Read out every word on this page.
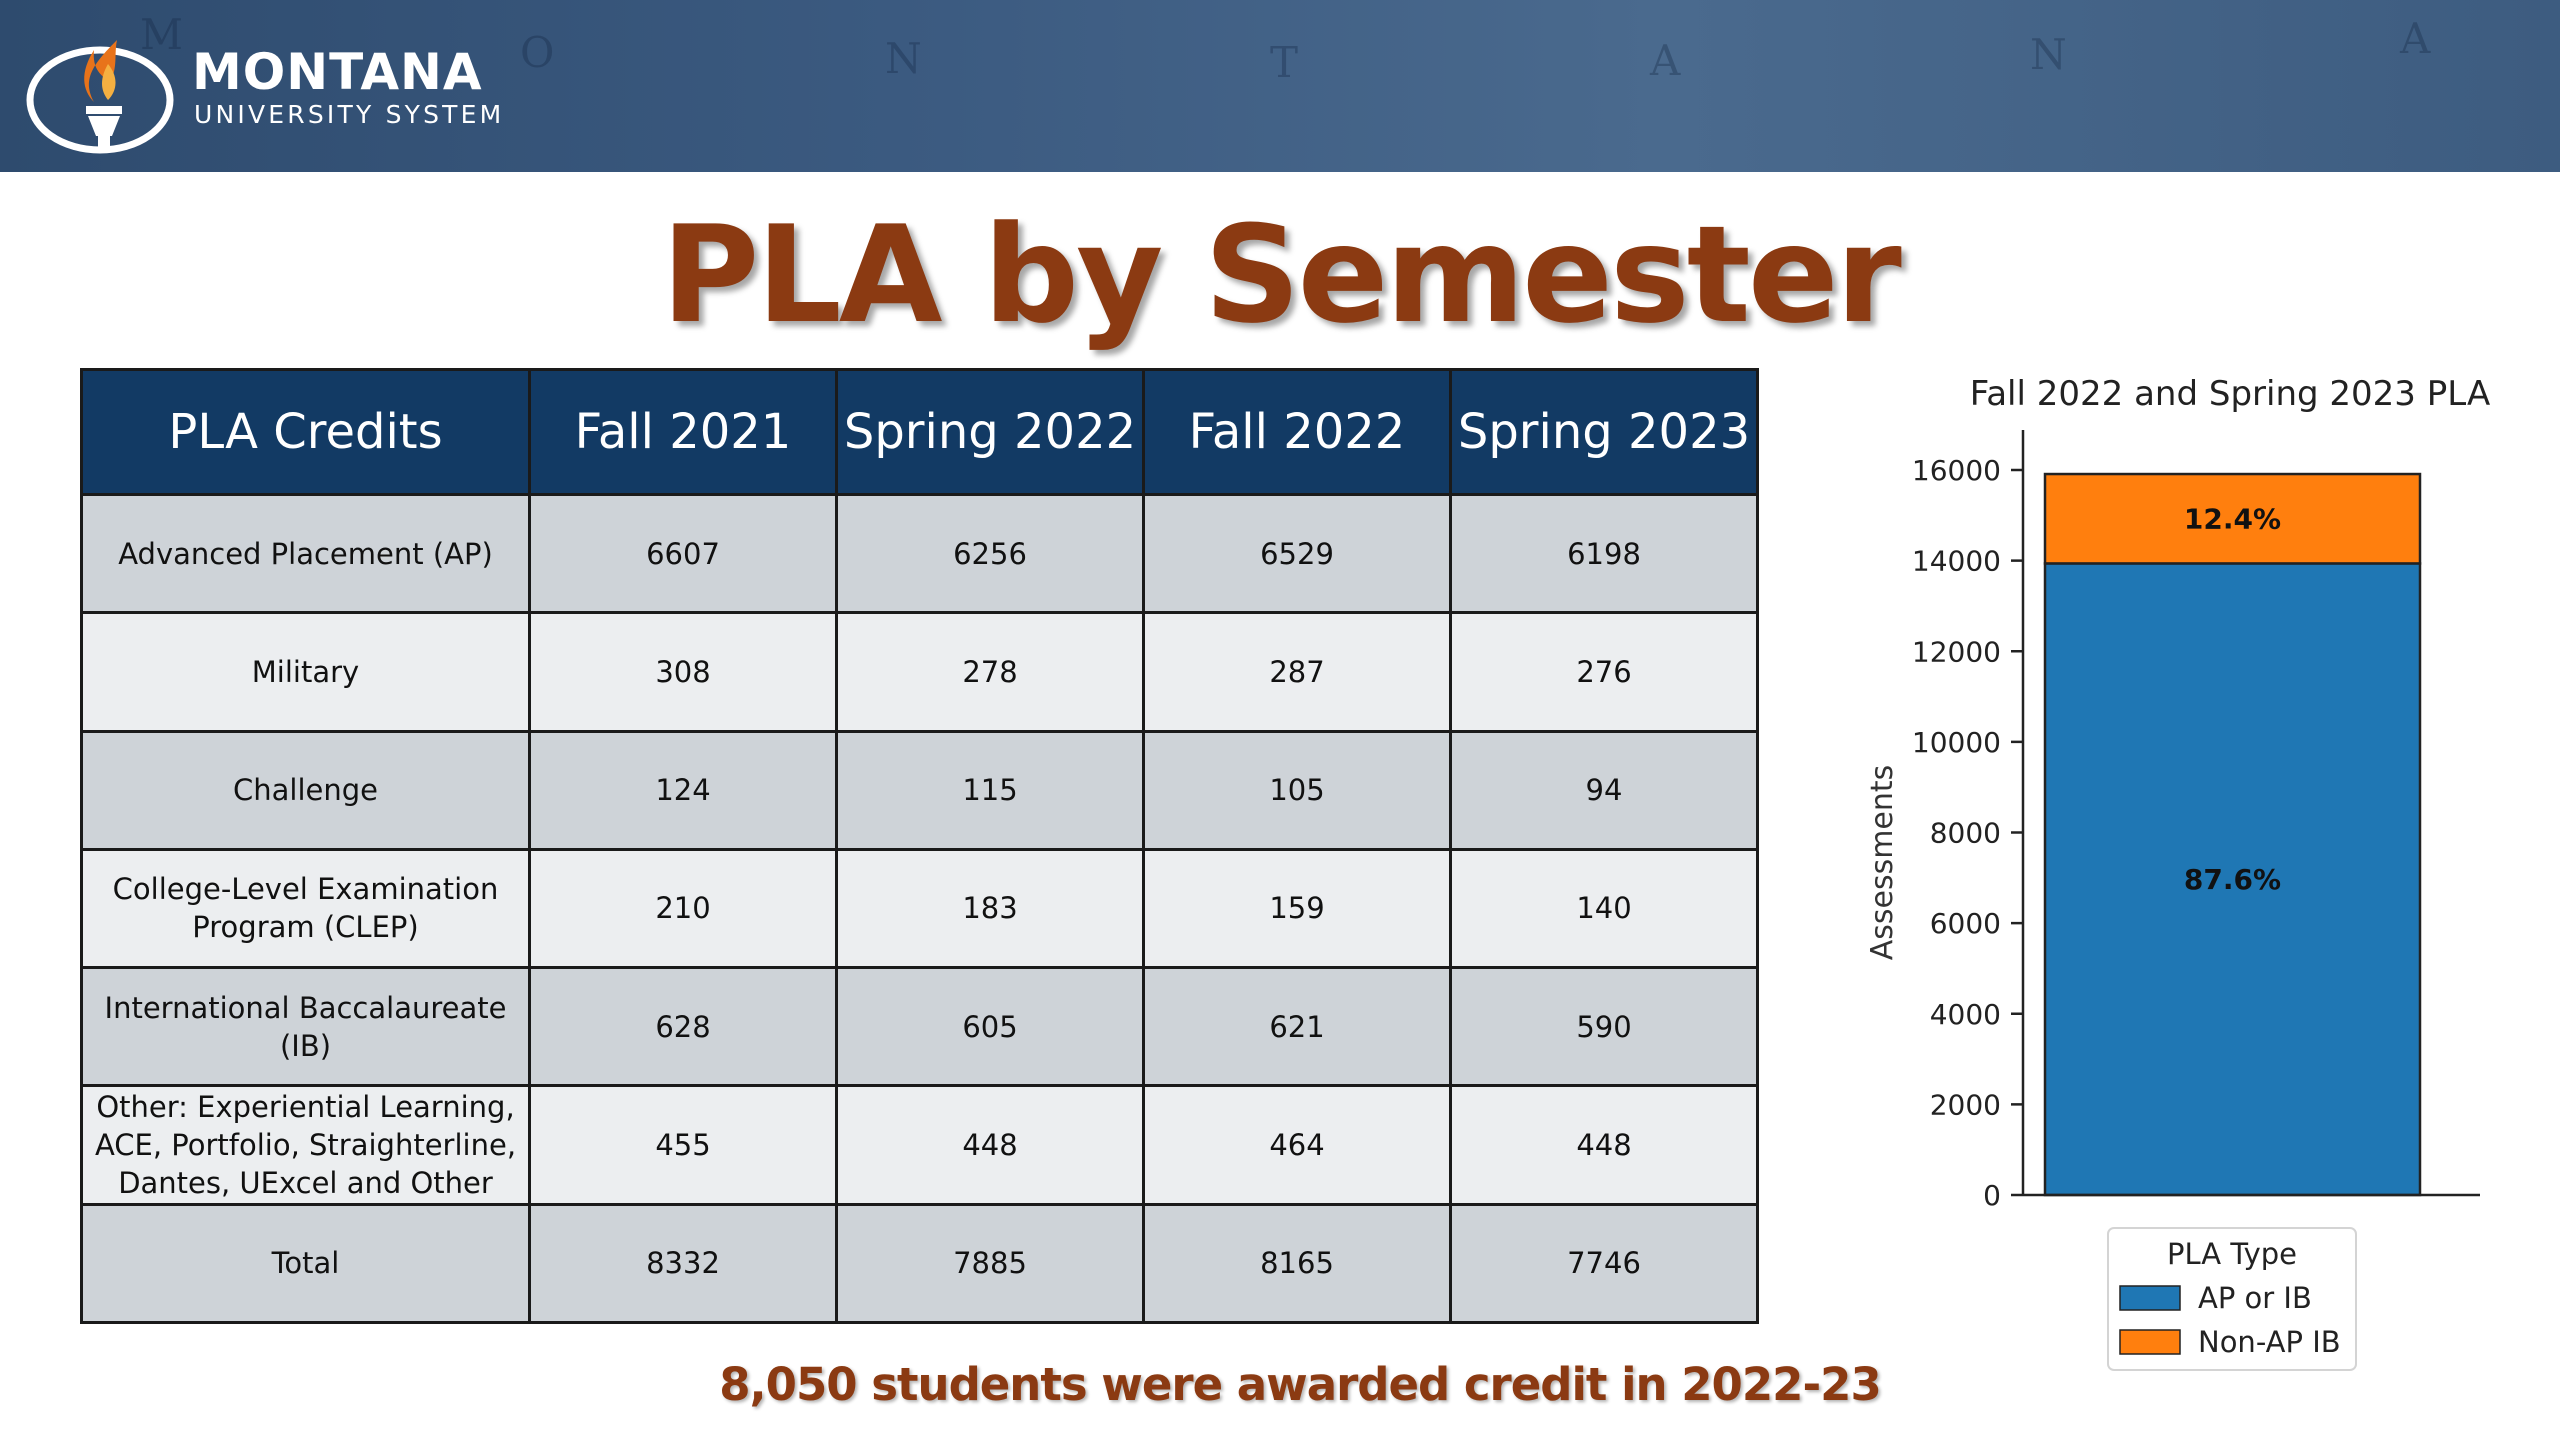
M	O	N	T	A	N	A
MONTANA
UNIVERSITY SYSTEM
PLA by Semester
PLA Credits	Fall 2021	Spring 2022	Fall 2022	Spring 2023
Advanced Placement (AP)	6607	6256	6529	6198
Military	308	278	287	276
Challenge	124	115	105	94
College-Level Examination
Program (CLEP)	210	183	159	140
International Baccalaureate
(IB)	628	605	621	590
Other: Experiential Learning,
ACE, Portfolio, Straighterline,
Dantes, UExcel and Other	455	448	464	448
Total	8332	7885	8165	7746
Fall 2022 and Spring 2023 PLA
Assessments
0
2000
4000
6000
8000
10000
12000
14000
16000
87.6%
12.4%
PLA Type
AP or IB
Non-AP IB
8,050 students were awarded credit in 2022-23
